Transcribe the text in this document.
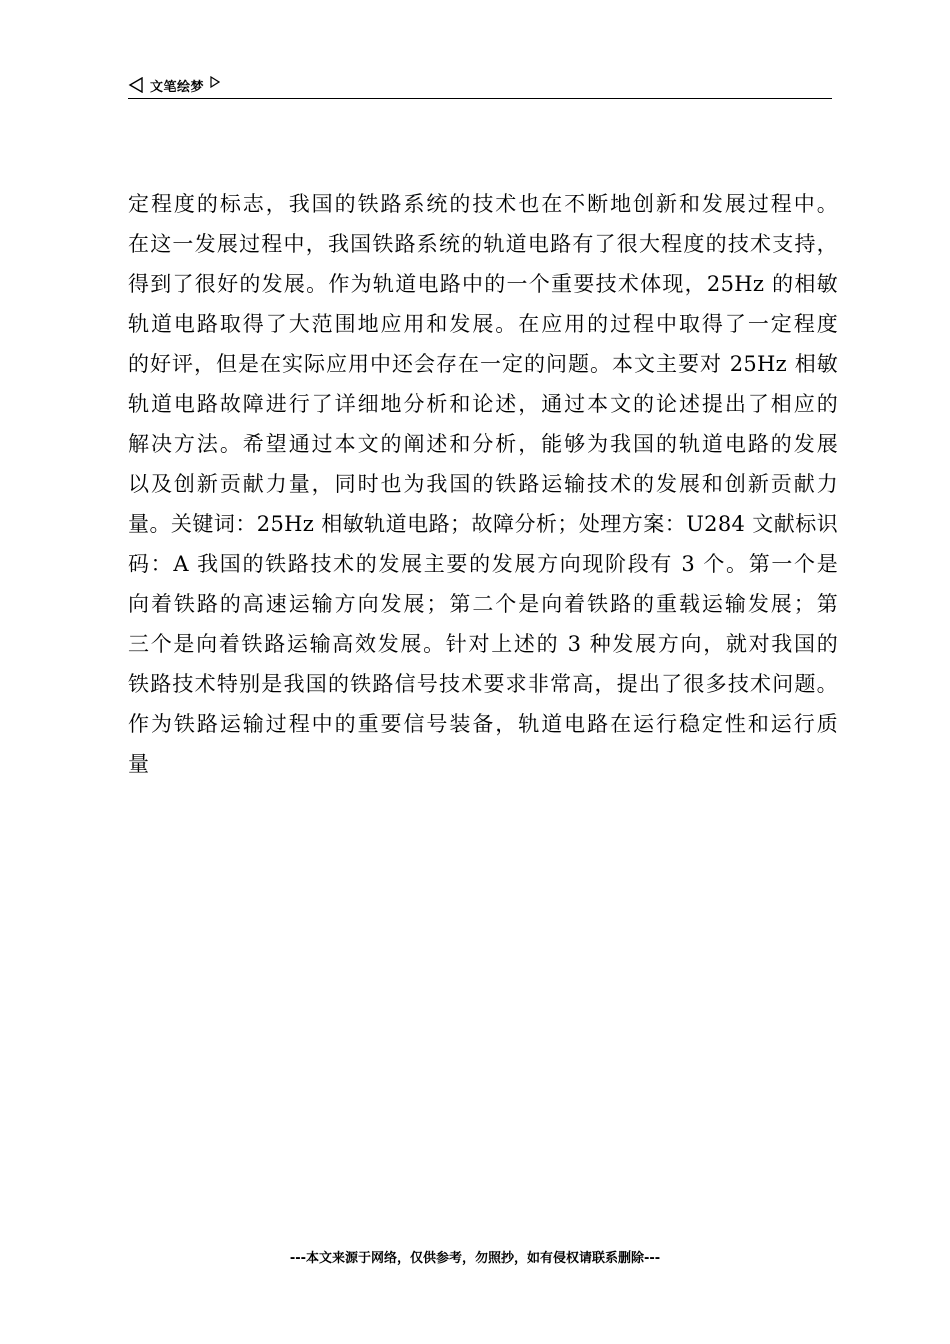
文笔绘梦
定程度的标志，我国的铁路系统的技术也在不断地创新和发展过程中。
在这一发展过程中，我国铁路系统的轨道电路有了很大程度的技术支持，
得到了很好的发展。作为轨道电路中的一个重要技术体现，25Hz 的相敏
轨道电路取得了大范围地应用和发展。在应用的过程中取得了一定程度
的好评，但是在实际应用中还会存在一定的问题。本文主要对 25Hz 相敏
轨道电路故障进行了详细地分析和论述，通过本文的论述提出了相应的
解决方法。希望通过本文的阐述和分析，能够为我国的轨道电路的发展
以及创新贡献力量，同时也为我国的铁路运输技术的发展和创新贡献力
量。关键词：25Hz 相敏轨道电路；故障分析；处理方案：U284 文献标识
码：A 我国的铁路技术的发展主要的发展方向现阶段有 3 个。第一个是
向着铁路的高速运输方向发展；第二个是向着铁路的重载运输发展；第
三个是向着铁路运输高效发展。针对上述的 3 种发展方向，就对我国的
铁路技术特别是我国的铁路信号技术要求非常高，提出了很多技术问题。
作为铁路运输过程中的重要信号装备，轨道电路在运行稳定性和运行质
量
---本文来源于网络，仅供参考，勿照抄，如有侵权请联系删除---
